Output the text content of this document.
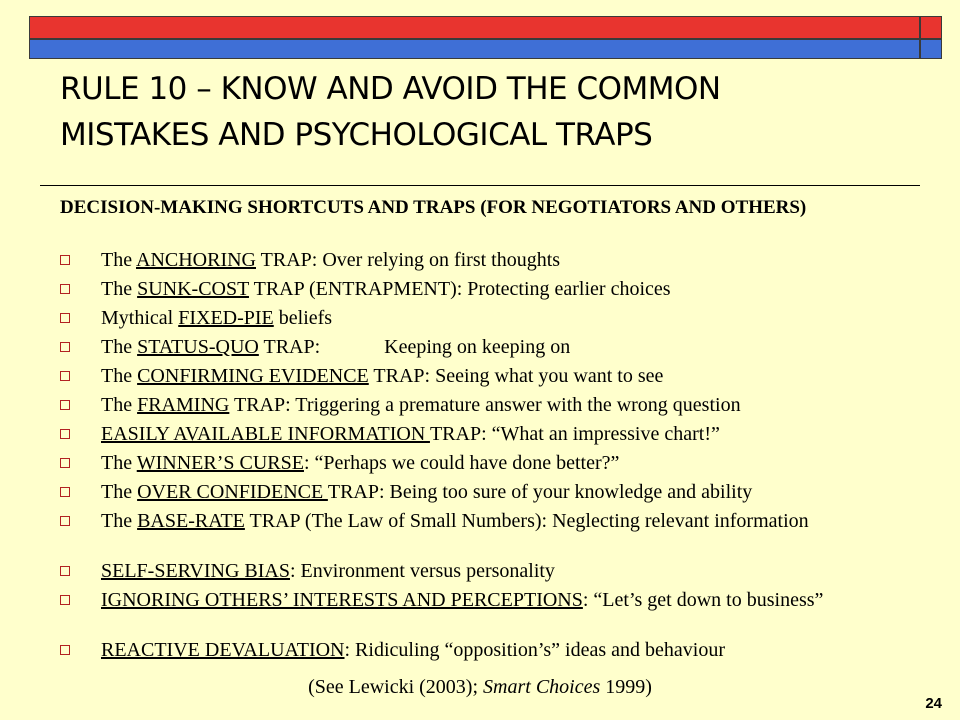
RULE 10 – KNOW AND AVOID THE COMMON
MISTAKES AND PSYCHOLOGICAL TRAPS
DECISION-MAKING SHORTCUTS AND TRAPS (FOR NEGOTIATORS AND OTHERS)
The ANCHORING TRAP: Over relying on first thoughts
The SUNK-COST TRAP (ENTRAPMENT): Protecting earlier choices
Mythical FIXED-PIE beliefs
The STATUS-QUO TRAP:	Keeping on keeping on
The CONFIRMING EVIDENCE TRAP: Seeing what you want to see
The FRAMING TRAP: Triggering a premature answer with the wrong question
EASILY AVAILABLE INFORMATION TRAP: “What an impressive chart!”
The WINNER’S CURSE: “Perhaps we could have done better?”
The OVER CONFIDENCE TRAP: Being too sure of your knowledge and ability
The BASE-RATE TRAP (The Law of Small Numbers): Neglecting relevant information
SELF-SERVING BIAS: Environment versus personality
IGNORING OTHERS’ INTERESTS AND PERCEPTIONS: “Let’s get down to business”
REACTIVE DEVALUATION: Ridiculing “opposition’s” ideas and behaviour
(See Lewicki (2003); Smart Choices 1999)
24
